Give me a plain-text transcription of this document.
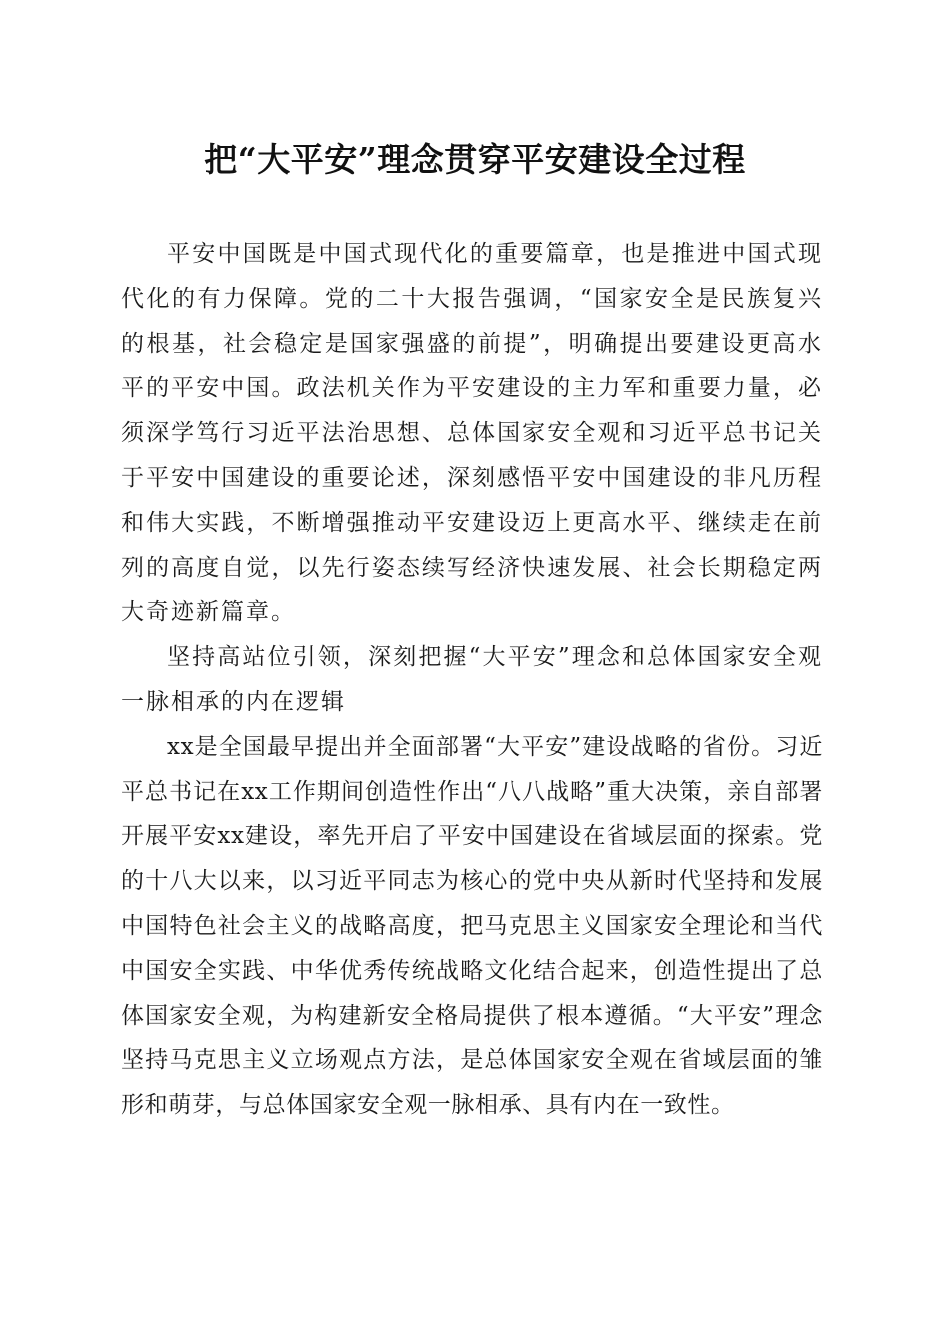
把“大平安”理念贯穿平安建设全过程

平安中国既是中国式现代化的重要篇章，也是推进中国式现代化的有力保障。党的二十大报告强调，“国家安全是民族复兴的根基，社会稳定是国家强盛的前提”，明确提出要建设更高水平的平安中国。政法机关作为平安建设的主力军和重要力量，必须深学笃行习近平法治思想、总体国家安全观和习近平总书记关于平安中国建设的重要论述，深刻感悟平安中国建设的非凡历程和伟大实践，不断增强推动平安建设迈上更高水平、继续走在前列的高度自觉，以先行姿态续写经济快速发展、社会长期稳定两大奇迹新篇章。

坚持高站位引领，深刻把握“大平安”理念和总体国家安全观一脉相承的内在逻辑

xx是全国最早提出并全面部署“大平安”建设战略的省份。习近平总书记在xx工作期间创造性作出“八八战略”重大决策，亲自部署开展平安xx建设，率先开启了平安中国建设在省域层面的探索。党的十八大以来，以习近平同志为核心的党中央从新时代坚持和发展中国特色社会主义的战略高度，把马克思主义国家安全理论和当代中国安全实践、中华优秀传统战略文化结合起来，创造性提出了总体国家安全观，为构建新安全格局提供了根本遵循。“大平安”理念坚持马克思主义立场观点方法，是总体国家安全观在省域层面的雏形和萌芽，与总体国家安全观一脉相承、具有内在一致性。
